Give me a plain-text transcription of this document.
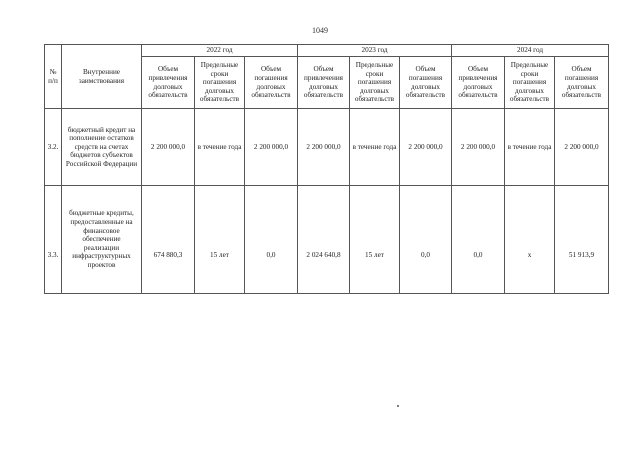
1049
№ п/п	Внутренние заимствования	2022 год			2023 год			2024 год		
		Объем привлечения долговых обязательств	Предельные сроки погашения долговых обязательств	Объем погашения долговых обязательств	Объем привлечения долговых обязательств	Предельные сроки погашения долговых обязательств	Объем погашения долговых обязательств	Объем привлечения долговых обязательств	Предельные сроки погашения долговых обязательств	Объем погашения долговых обязательств
3.2.	бюджетный кредит на пополнение остатков средств на счетах бюджетов субъектов Российской Федерации	2 200 000,0	в течение года	2 200 000,0	2 200 000,0	в течение года	2 200 000,0	2 200 000,0	в течение года	2 200 000,0
3.3.	бюджетные кредиты, предоставленные на финансовое обеспечение реализации инфраструктурных проектов	674 880,3	15 лет	0,0	2 024 640,8	15 лет	0,0	0,0	х	51 913,9
